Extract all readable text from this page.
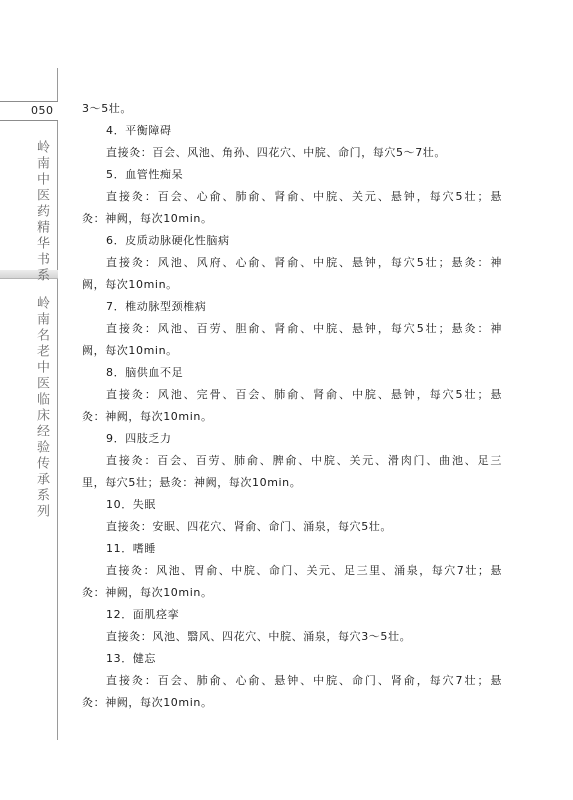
050
岭南中医药精华书系
岭南名老中医临床经验传承系列
3～5壮。
4．平衡障碍
直接灸：百会、风池、角孙、四花穴、中脘、命门，每穴5～7壮。
5．血管性痴呆
直接灸：百会、心俞、肺俞、肾俞、中脘、关元、悬钟，每穴5壮；悬
灸：神阙，每次10min。
6．皮质动脉硬化性脑病
直接灸：风池、风府、心俞、肾俞、中脘、悬钟，每穴5壮；悬灸：神
阙，每次10min。
7．椎动脉型颈椎病
直接灸：风池、百劳、胆俞、肾俞、中脘、悬钟，每穴5壮；悬灸：神
阙，每次10min。
8．脑供血不足
直接灸：风池、完骨、百会、肺俞、肾俞、中脘、悬钟，每穴5壮；悬
灸：神阙，每次10min。
9．四肢乏力
直接灸：百会、百劳、肺俞、脾俞、中脘、关元、滑肉门、曲池、足三
里，每穴5壮；悬灸：神阙，每次10min。
10．失眠
直接灸：安眠、四花穴、肾俞、命门、涌泉，每穴5壮。
11．嗜睡
直接灸：风池、胃俞、中脘、命门、关元、足三里、涌泉，每穴7壮；悬
灸：神阙，每次10min。
12．面肌痉挛
直接灸：风池、翳风、四花穴、中脘、涌泉，每穴3～5壮。
13．健忘
直接灸：百会、肺俞、心俞、悬钟、中脘、命门、肾俞，每穴7壮；悬
灸：神阙，每次10min。
